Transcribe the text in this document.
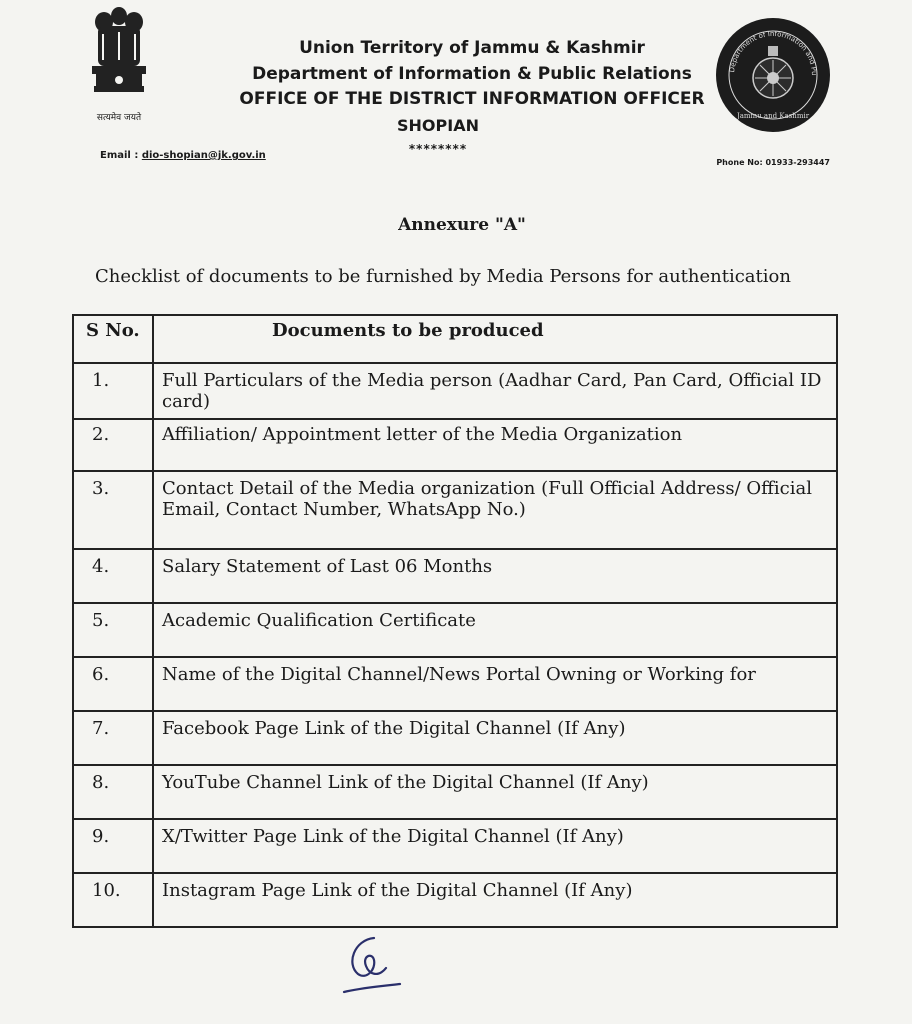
सत्यमेव जयते
Department of Information and Pu
Jammu and Kashmir
Union Territory of Jammu & Kashmir
Department of Information & Public Relations
OFFICE OF THE DISTRICT INFORMATION OFFICER
SHOPIAN
********
Email : dio-shopian@jk.gov.in
Phone No: 01933-293447
Annexure "A"
Checklist of documents to be furnished by Media Persons for authentication
S No.	Documents to be produced
1.	Full Particulars of the Media person (Aadhar Card, Pan Card, Official ID card)
2.	Affiliation/ Appointment letter of the Media Organization
3.	Contact Detail of the Media organization (Full Official Address/ Official Email, Contact Number, WhatsApp No.)
4.	Salary Statement of Last 06 Months
5.	Academic Qualification Certificate
6.	Name of the Digital Channel/News Portal Owning or Working for
7.	Facebook Page Link of the Digital Channel (If Any)
8.	YouTube Channel Link of the Digital Channel (If Any)
9.	X/Twitter Page Link of the Digital Channel (If Any)
10.	Instagram Page Link of the Digital Channel (If Any)
